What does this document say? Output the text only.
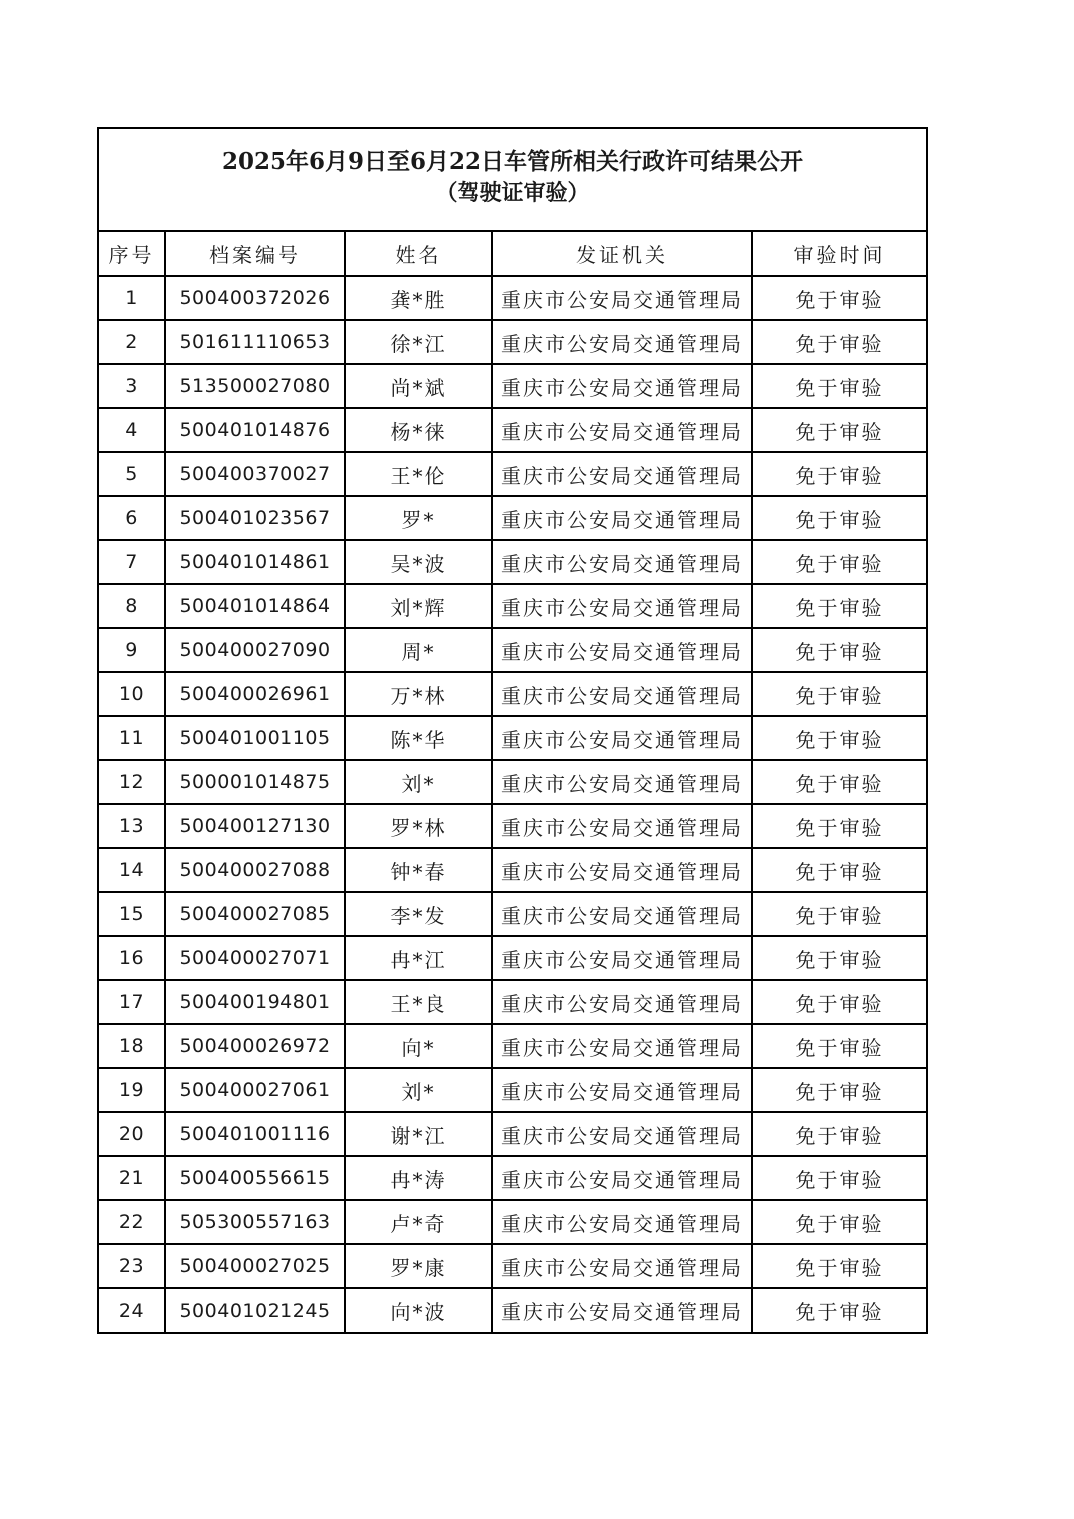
2025年6月9日至6月22日车管所相关行政许可结果公开
（驾驶证审验）
序号	档案编号	姓名	发证机关	审验时间
1	500400372026	龚*胜	重庆市公安局交通管理局	免于审验
2	501611110653	徐*江	重庆市公安局交通管理局	免于审验
3	513500027080	尚*斌	重庆市公安局交通管理局	免于审验
4	500401014876	杨*徕	重庆市公安局交通管理局	免于审验
5	500400370027	王*伦	重庆市公安局交通管理局	免于审验
6	500401023567	罗*	重庆市公安局交通管理局	免于审验
7	500401014861	吴*波	重庆市公安局交通管理局	免于审验
8	500401014864	刘*辉	重庆市公安局交通管理局	免于审验
9	500400027090	周*	重庆市公安局交通管理局	免于审验
10	500400026961	万*林	重庆市公安局交通管理局	免于审验
11	500401001105	陈*华	重庆市公安局交通管理局	免于审验
12	500001014875	刘*	重庆市公安局交通管理局	免于审验
13	500400127130	罗*林	重庆市公安局交通管理局	免于审验
14	500400027088	钟*春	重庆市公安局交通管理局	免于审验
15	500400027085	李*发	重庆市公安局交通管理局	免于审验
16	500400027071	冉*江	重庆市公安局交通管理局	免于审验
17	500400194801	王*良	重庆市公安局交通管理局	免于审验
18	500400026972	向*	重庆市公安局交通管理局	免于审验
19	500400027061	刘*	重庆市公安局交通管理局	免于审验
20	500401001116	谢*江	重庆市公安局交通管理局	免于审验
21	500400556615	冉*涛	重庆市公安局交通管理局	免于审验
22	505300557163	卢*奇	重庆市公安局交通管理局	免于审验
23	500400027025	罗*康	重庆市公安局交通管理局	免于审验
24	500401021245	向*波	重庆市公安局交通管理局	免于审验
